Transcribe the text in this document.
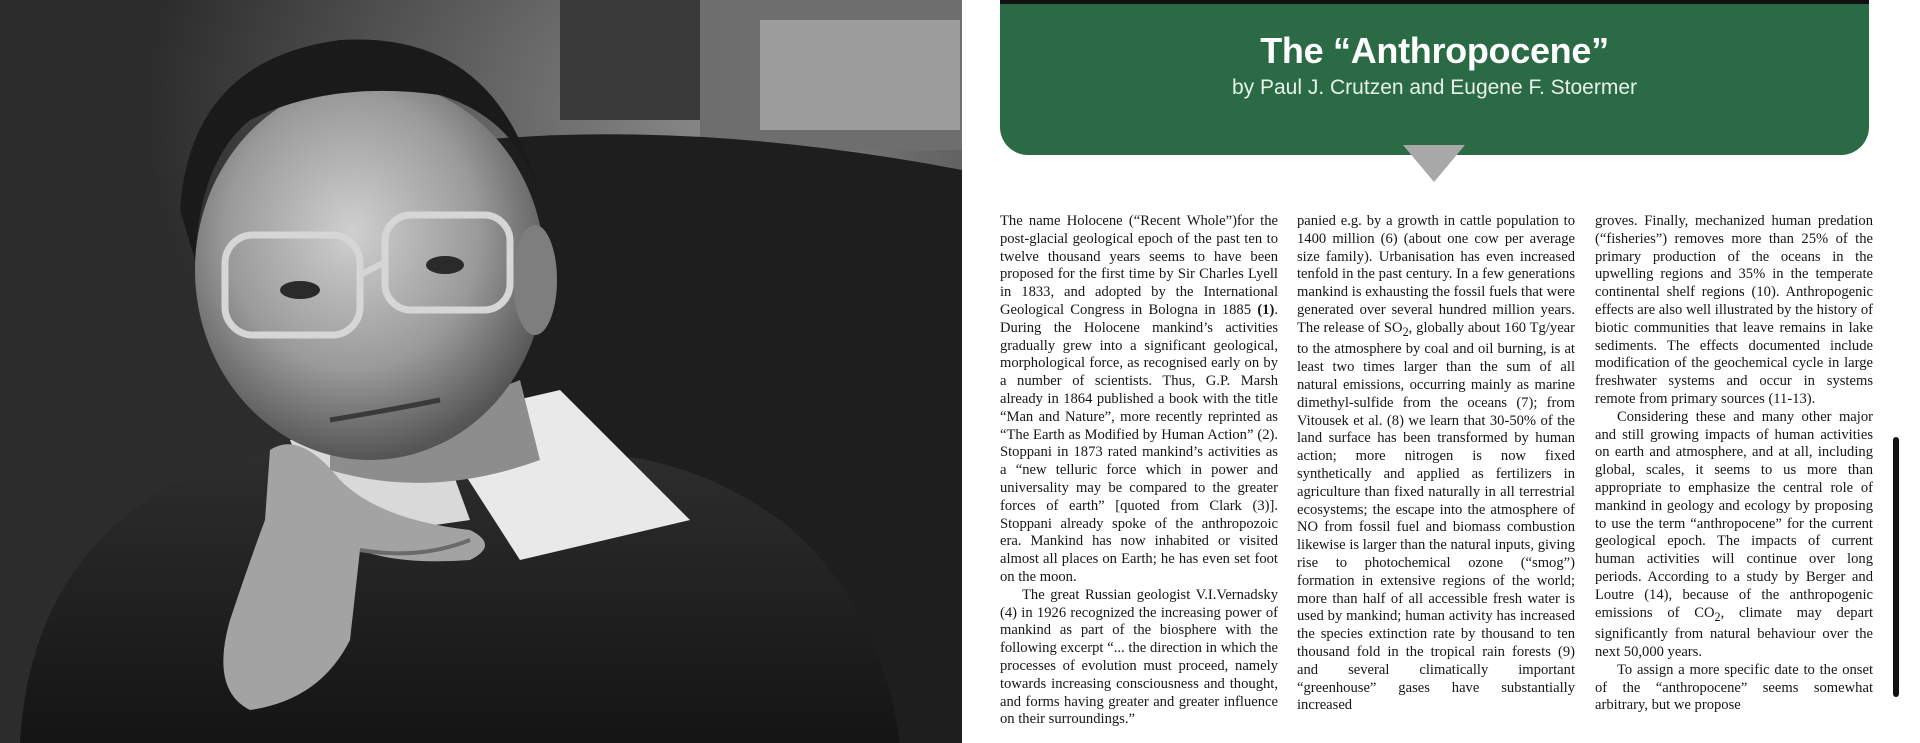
The “Anthropocene”
by Paul J. Crutzen and Eugene F. Stoermer

The name Holocene (“Recent Whole”)for the post-glacial geological epoch of the past ten to twelve thousand years seems to have been proposed for the first time by Sir Charles Lyell in 1833, and adopted by the International Geological Congress in Bologna in 1885 (1). During the Holocene mankind’s activities gradually grew into a significant geological, morphological force, as recognised early on by a number of scientists. Thus, G.P. Marsh already in 1864 published a book with the title “Man and Nature”, more recently reprinted as “The Earth as Modified by Human Action” (2). Stoppani in 1873 rated mankind’s activities as a “new telluric force which in power and universality may be compared to the greater forces of earth” [quoted from Clark (3)]. Stoppani already spoke of the anthropozoic era. Mankind has now inhabited or visited almost all places on Earth; he has even set foot on the moon.

The great Russian geologist V.I.Vernadsky (4) in 1926 recognized the increasing power of mankind as part of the biosphere with the following excerpt “... the direction in which the processes of evolution must proceed, namely towards increasing consciousness and thought, and forms having greater and greater influence on their surroundings.”

panied e.g. by a growth in cattle population to 1400 million (6) (about one cow per average size family). Urbanisation has even increased tenfold in the past century. In a few generations mankind is exhausting the fossil fuels that were generated over several hundred million years. The release of $SO_2$, globally about 160 Tg/year to the atmosphere by coal and oil burning, is at least two times larger than the sum of all natural emissions, occurring mainly as marine dimethyl-sulfide from the oceans (7); from Vitousek et al. (8) we learn that 30-50% of the land surface has been transformed by human action; more nitrogen is now fixed synthetically and applied as fertilizers in agriculture than fixed naturally in all terrestrial ecosystems; the escape into the atmosphere of NO from fossil fuel and biomass combustion likewise is larger than the natural inputs, giving rise to photochemical ozone (“smog”) formation in extensive regions of the world; more than half of all accessible fresh water is used by mankind; human activity has increased the species extinction rate by thousand to ten thousand fold in the tropical rain forests (9) and several climatically important “greenhouse” gases have substantially increased

groves. Finally, mechanized human predation (“fisheries”) removes more than 25% of the primary production of the oceans in the upwelling regions and 35% in the temperate continental shelf regions (10). Anthropogenic effects are also well illustrated by the history of biotic communities that leave remains in lake sediments. The effects documented include modification of the geochemical cycle in large freshwater systems and occur in systems remote from primary sources (11-13).

Considering these and many other major and still growing impacts of human activities on earth and atmosphere, and at all, including global, scales, it seems to us more than appropriate to emphasize the central role of mankind in geology and ecology by proposing to use the term “anthropocene” for the current geological epoch. The impacts of current human activities will continue over long periods. According to a study by Berger and Loutre (14), because of the anthropogenic emissions of $CO_2$, climate may depart significantly from natural behaviour over the next 50,000 years.

To assign a more specific date to the onset of the “anthropocene” seems somewhat arbitrary, but we propose
